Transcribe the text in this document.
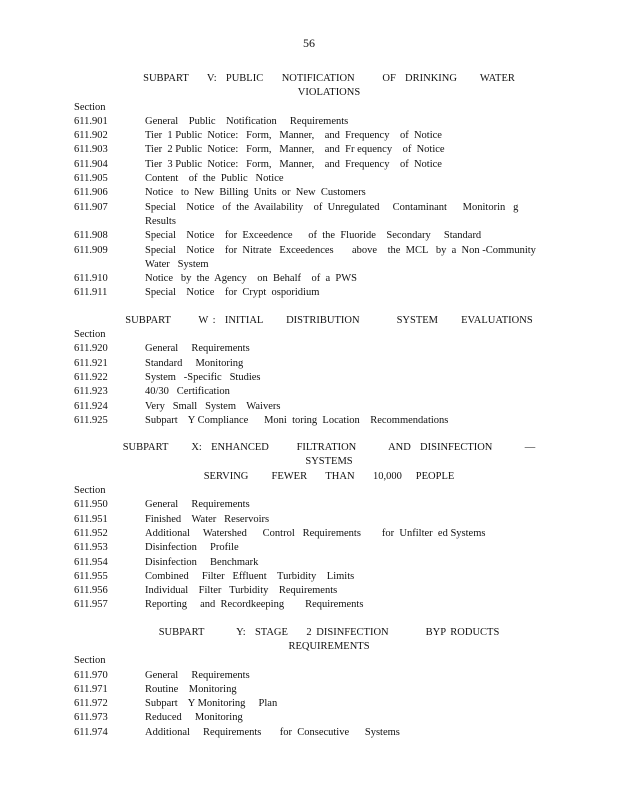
56
SUBPART    V:  PUBLIC    NOTIFICATION      OF  DRINKING     WATER
VIOLATIONS
Section
611.901	General    Public    Notification     Requirements
611.902	Tier  1 Public  Notice:   Form,   Manner,    and  Frequency    of  Notice
611.903	Tier  2 Public  Notice:   Form,   Manner,    and  Fr equency    of  Notice
611.904	Tier  3 Public  Notice:   Form,   Manner,    and  Frequency    of  Notice
611.905	Content    of  the  Public   Notice
611.906	Notice   to  New  Billing  Units  or  New  Customers
611.907	Special    Notice   of  the  Availability    of  Unregulated     Contaminant      Monitorin   g
Results
611.908	Special    Notice    for  Exceedence      of  the  Fluoride    Secondary     Standard
611.909	Special    Notice    for  Nitrate   Exceedences       above    the  MCL   by  a  Non -Community
Water   System
611.910	Notice   by  the  Agency    on  Behalf    of  a  PWS
611.911	Special    Notice    for  Crypt  osporidium
SUBPART      W :  INITIAL     DISTRIBUTION        SYSTEM     EVALUATIONS
Section
611.920	General     Requirements
611.921	Standard     Monitoring
611.922	System   -Specific   Studies
611.923	40/30   Certification
611.924	Very   Small   System    Waivers
611.925	Subpart    Y Compliance      Moni  toring  Location    Recommendations
SUBPART     X:  ENHANCED      FILTRATION       AND  DISINFECTION       —SYSTEMS
SERVING     FEWER    THAN    10,000   PEOPLE
Section
611.950	General     Requirements
611.951	Finished    Water   Reservoirs
611.952	Additional     Watershed      Control   Requirements        for  Unfilter  ed Systems
611.953	Disinfection     Profile
611.954	Disinfection     Benchmark
611.955	Combined     Filter   Effluent    Turbidity    Limits
611.956	Individual    Filter   Turbidity    Requirements
611.957	Reporting     and  Recordkeeping        Requirements
SUBPART       Y:  STAGE    2 DISINFECTION        BYP RODUCTS       REQUIREMENTS
Section
611.970	General     Requirements
611.971	Routine    Monitoring
611.972	Subpart    Y Monitoring     Plan
611.973	Reduced     Monitoring
611.974	Additional     Requirements       for  Consecutive      Systems
